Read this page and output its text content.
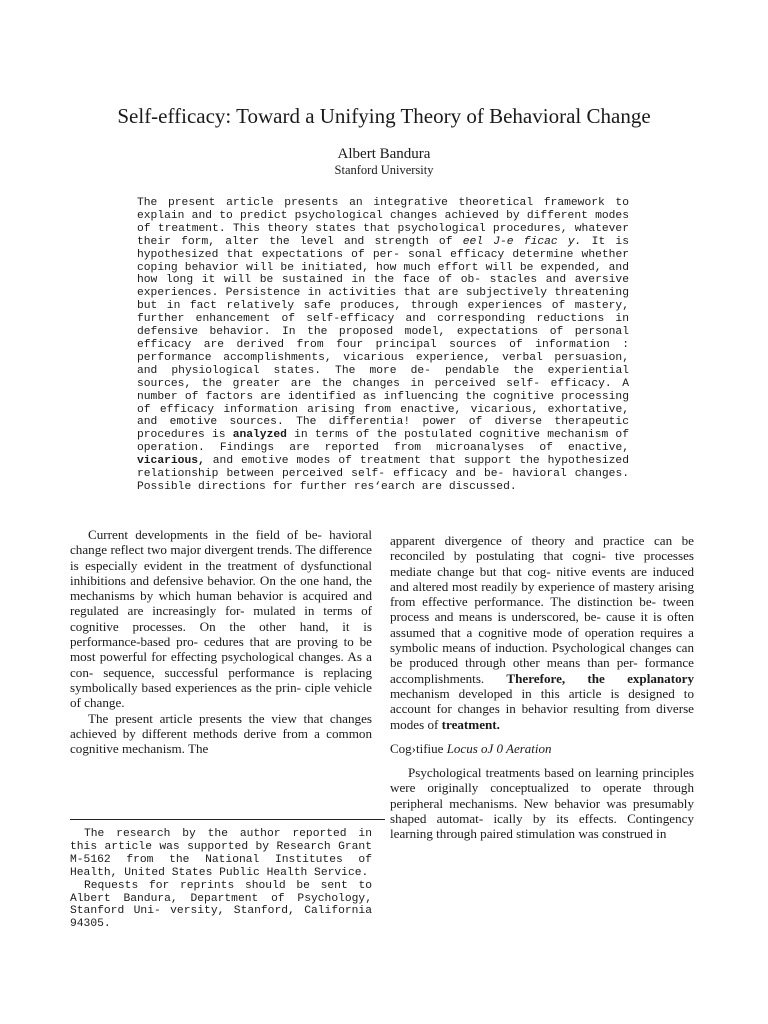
Self-efficacy: Toward a Unifying Theory of Behavioral Change
Albert Bandura
Stanford University

The present article presents an integrative theoretical framework to explain and to predict psychological changes achieved by different modes of treatment. This theory states that psychological procedures, whatever their form, alter the level and strength of eel J-e ficac y. It is hypothesized that expectations of per- sonal efficacy determine whether coping behavior will be initiated, how much effort will be expended, and how long it will be sustained in the face of ob- stacles and aversive experiences. Persistence in activities that are subjectively threatening but in fact relatively safe produces, through experiences of mastery, further enhancement of self-efficacy and corresponding reductions in defensive behavior. In the proposed model, expectations of personal efficacy are derived from four principal sources of information : performance accomplishments, vicarious experience, verbal persuasion, and physiological states. The more de- pendable the experiential sources, the greater are the changes in perceived self- efficacy. A number of factors are identified as influencing the cognitive processing of efficacy information arising from enactive, vicarious, exhortative, and emotive sources. The differentia! power of diverse therapeutic procedures is analyzed in terms of the postulated cognitive mechanism of operation. Findings are reported from microanalyses of enactive, vicarious, and emotive modes of treatment that support the hypothesized relationship between perceived self- efficacy and be- havioral changes. Possible directions for further res‘earch are discussed.

Current developments in the field of be- havioral change reflect two major divergent trends. The difference is especially evident in the treatment of dysfunctional inhibitions and defensive behavior. On the one hand, the mechanisms by which human behavior is acquired and regulated are increasingly for- mulated in terms of cognitive processes. On the other hand, it is performance-based pro- cedures that are proving to be most powerful for effecting psychological changes. As a con- sequence, successful performance is replacing symbolically based experiences as the prin- ciple vehicle of change.

The present article presents the view that changes achieved by different methods derive from a common cognitive mechanism. The

The research by the author reported in this article was supported by Research Grant M-5162 from the National Institutes of Health, United States Public Health Service.

Requests for reprints should be sent to Albert Bandura, Department of Psychology, Stanford Uni- versity, Stanford, California 94305.

apparent divergence of theory and practice can be reconciled by postulating that cogni- tive processes mediate change but that cog- nitive events are induced and altered most readily by experience of mastery arising from effective performance. The distinction be- tween process and means is underscored, be- cause it is often assumed that a cognitive mode of operation requires a symbolic means of induction. Psychological changes can be produced through other means than per- formance accomplishments. Therefore, the explanatory mechanism developed in this article is designed to account for changes in behavior resulting from diverse modes of treatment.

Cog›tifiue Locus oJ 0 Aeration

Psychological treatments based on learning principles were originally conceptualized to operate through peripheral mechanisms. New behavior was presumably shaped automat- ically by its effects. Contingency learning through paired stimulation was construed in
